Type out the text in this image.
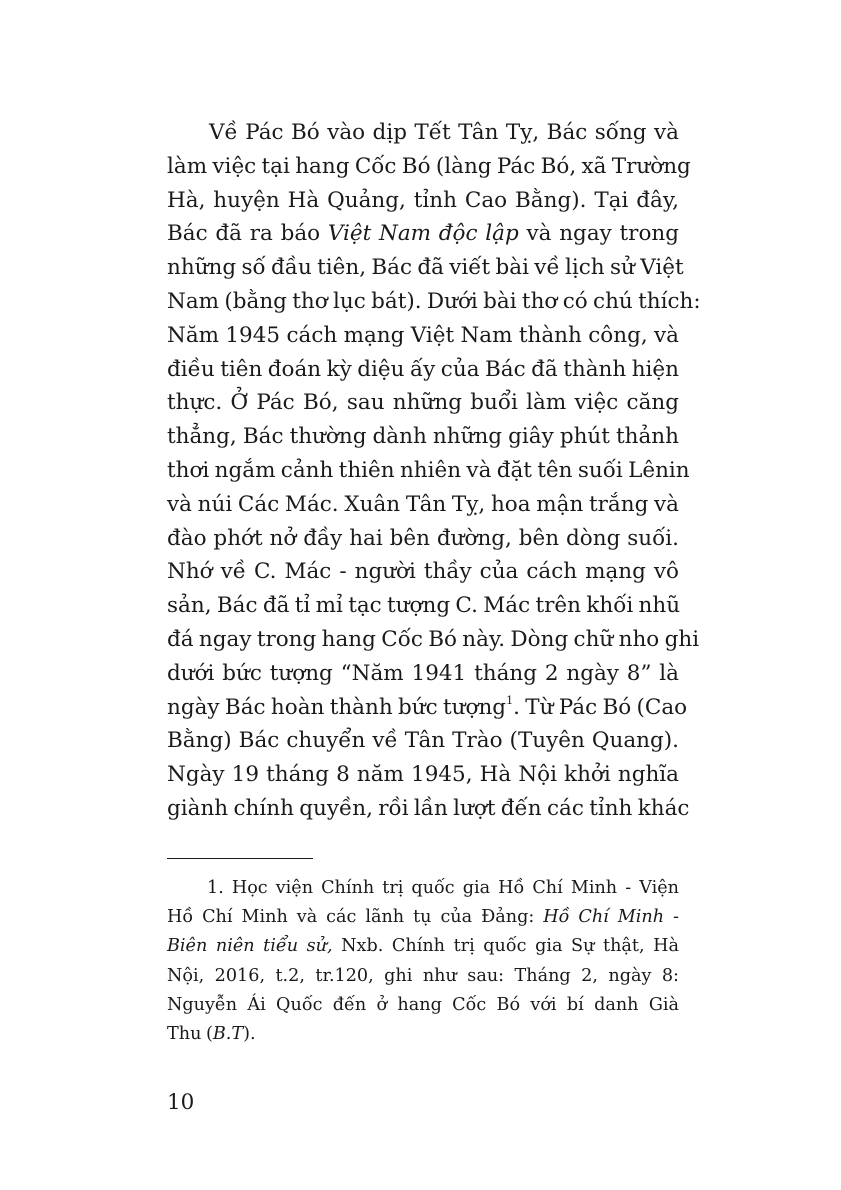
Về Pác Bó vào dịp Tết Tân Tỵ, Bác sống và
làm việc tại hang Cốc Bó (làng Pác Bó, xã Trường
Hà, huyện Hà Quảng, tỉnh Cao Bằng). Tại đây,
Bác đã ra báo Việt Nam độc lập và ngay trong
những số đầu tiên, Bác đã viết bài về lịch sử Việt
Nam (bằng thơ lục bát). Dưới bài thơ có chú thích:
Năm 1945 cách mạng Việt Nam thành công, và
điều tiên đoán kỳ diệu ấy của Bác đã thành hiện
thực. Ở Pác Bó, sau những buổi làm việc căng
thẳng, Bác thường dành những giây phút thảnh
thơi ngắm cảnh thiên nhiên và đặt tên suối Lênin
và núi Các Mác. Xuân Tân Tỵ, hoa mận trắng và
đào phớt nở đầy hai bên đường, bên dòng suối.
Nhớ về C. Mác - người thầy của cách mạng vô
sản, Bác đã tỉ mỉ tạc tượng C. Mác trên khối nhũ
đá ngay trong hang Cốc Bó này. Dòng chữ nho ghi
dưới bức tượng “Năm 1941 tháng 2 ngày 8” là
ngày Bác hoàn thành bức tượng$^1$. Từ Pác Bó (Cao
Bằng) Bác chuyển về Tân Trào (Tuyên Quang).
Ngày 19 tháng 8 năm 1945, Hà Nội khởi nghĩa
giành chính quyền, rồi lần lượt đến các tỉnh khác
1. Học viện Chính trị quốc gia Hồ Chí Minh - Viện
Hồ Chí Minh và các lãnh tụ của Đảng: Hồ Chí Minh -
Biên niên tiểu sử, Nxb. Chính trị quốc gia Sự thật, Hà
Nội, 2016, t.2, tr.120, ghi như sau: Tháng 2, ngày 8:
Nguyễn Ái Quốc đến ở hang Cốc Bó với bí danh Già
Thu (B.T).
10
